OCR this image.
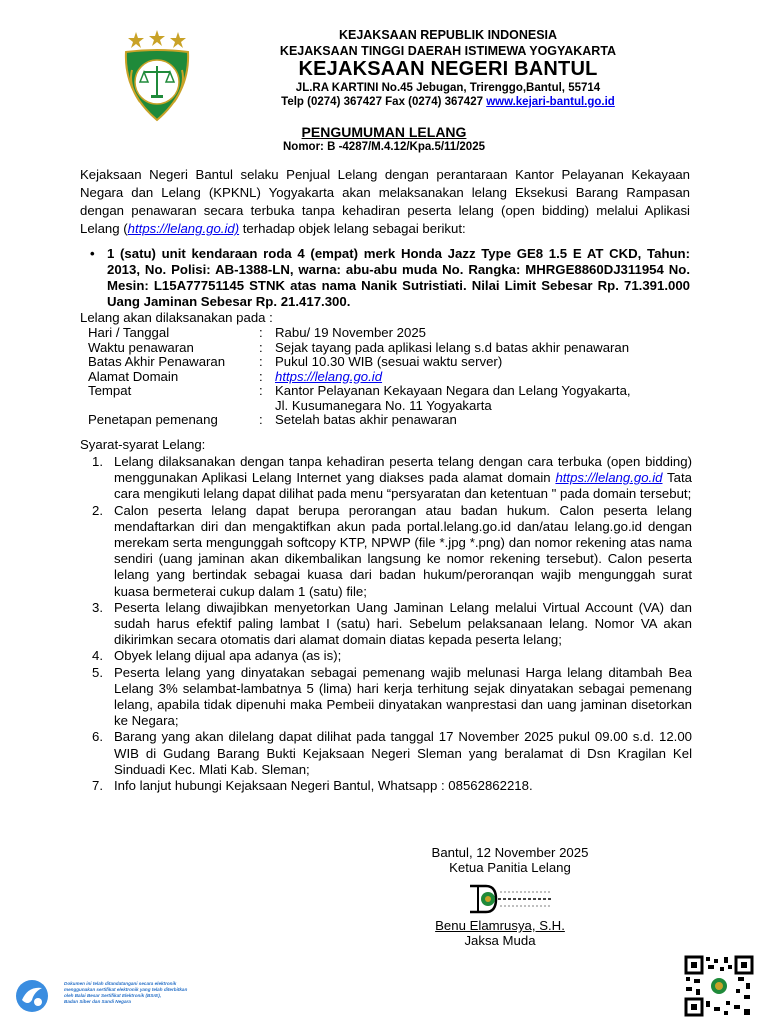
KEJAKSAAN REPUBLIK INDONESIA
KEJAKSAAN TINGGI DAERAH ISTIMEWA YOGYAKARTA
KEJAKSAAN NEGERI BANTUL
JL.RA KARTINI No.45 Jebugan, Trirenggo,Bantul, 55714
Telp (0274) 367427 Fax (0274) 367427 www.kejari-bantul.go.id
PENGUMUMAN LELANG
Nomor: B -4287/M.4.12/Kpa.5/11/2025
Kejaksaan Negeri Bantul selaku Penjual Lelang dengan perantaraan Kantor Pelayanan Kekayaan Negara dan Lelang (KPKNL) Yogyakarta akan melaksanakan lelang Eksekusi Barang Rampasan dengan penawaran secara terbuka tanpa kehadiran peserta lelang (open bidding) melalui Aplikasi Lelang (https://lelang.go.id) terhadap objek lelang sebagai berikut:
• 1 (satu) unit kendaraan roda 4 (empat) merk Honda Jazz Type GE8 1.5 E AT CKD, Tahun: 2013, No. Polisi: AB-1388-LN, warna: abu-abu muda No. Rangka: MHRGE8860DJ311954 No. Mesin: L15A77751145 STNK atas nama Nanik Sutristiati. Nilai Limit Sebesar Rp. 71.391.000 Uang Jaminan Sebesar Rp. 21.417.300.
Lelang akan dilaksanakan pada :
Hari / Tanggal	: Rabu/ 19 November 2025
Waktu penawaran	: Sejak tayang pada aplikasi lelang s.d batas akhir penawaran
Batas Akhir Penawaran	: Pukul 10.30 WIB (sesuai waktu server)
Alamat Domain	: https://lelang.go.id
Tempat	: Kantor Pelayanan Kekayaan Negara dan Lelang Yogyakarta,
Jl. Kusumanegara No. 11 Yogyakarta
Penetapan pemenang	: Setelah batas akhir penawaran
Syarat-syarat Lelang:
1. Lelang dilaksanakan dengan tanpa kehadiran peserta telang dengan cara terbuka (open bidding) menggunakan Aplikasi Lelang Internet yang diakses pada alamat domain https://lelang.go.id Tata cara mengikuti lelang dapat dilihat pada menu “persyaratan dan ketentuan " pada domain tersebut;
2. Calon peserta lelang dapat berupa perorangan atau badan hukum. Calon peserta lelang mendaftarkan diri dan mengaktifkan akun pada portal.lelang.go.id dan/atau lelang.go.id dengan merekam serta mengunggah softcopy KTP, NPWP (file *.jpg *.png) dan nomor rekening atas nama sendiri (uang jaminan akan dikembalikan langsung ke nomor rekening tersebut). Calon peserta lelang yang bertindak sebagai kuasa dari badan hukum/peroranqan wajib mengunggah surat kuasa bermeterai cukup dalam 1 (satu) file;
3. Peserta lelang diwajibkan menyetorkan Uang Jaminan Lelang melalui Virtual Account (VA) dan sudah harus efektif paling lambat I (satu) hari. Sebelum pelaksanaan lelang. Nomor VA akan dikirimkan secara otomatis dari alamat domain diatas kepada peserta lelang;
4. Obyek lelang dijual apa adanya (as is);
5. Peserta lelang yang dinyatakan sebagai pemenang wajib melunasi Harga lelang ditambah Bea Lelang 3% selambat-lambatnya 5 (lima) hari kerja terhitung sejak dinyatakan sebagai pemenang lelang, apabila tidak dipenuhi maka Pembeii dinyatakan wanprestasi dan uang jaminan disetorkan ke Negara;
6. Barang yang akan dilelang dapat dilihat pada tanggal 17 November 2025 pukul 09.00 s.d. 12.00 WIB di Gudang Barang Bukti Kejaksaan Negeri Sleman yang beralamat di Dsn Kragilan Kel Sinduadi Kec. Mlati Kab. Sleman;
7. Info lanjut hubungi Kejaksaan Negeri Bantul, Whatsapp : 08562862218.
Bantul, 12 November 2025
Ketua Panitia Lelang
Benu Elamrusya, S.H.
Jaksa Muda
Dokumen ini telah ditandatangani secara elektronik
menggunakan sertifikat elektronik yang telah diterbitkan
oleh Balai Besar Sertifikat Elektronik (BSrE),
Badan Siber dan Sandi Negara
